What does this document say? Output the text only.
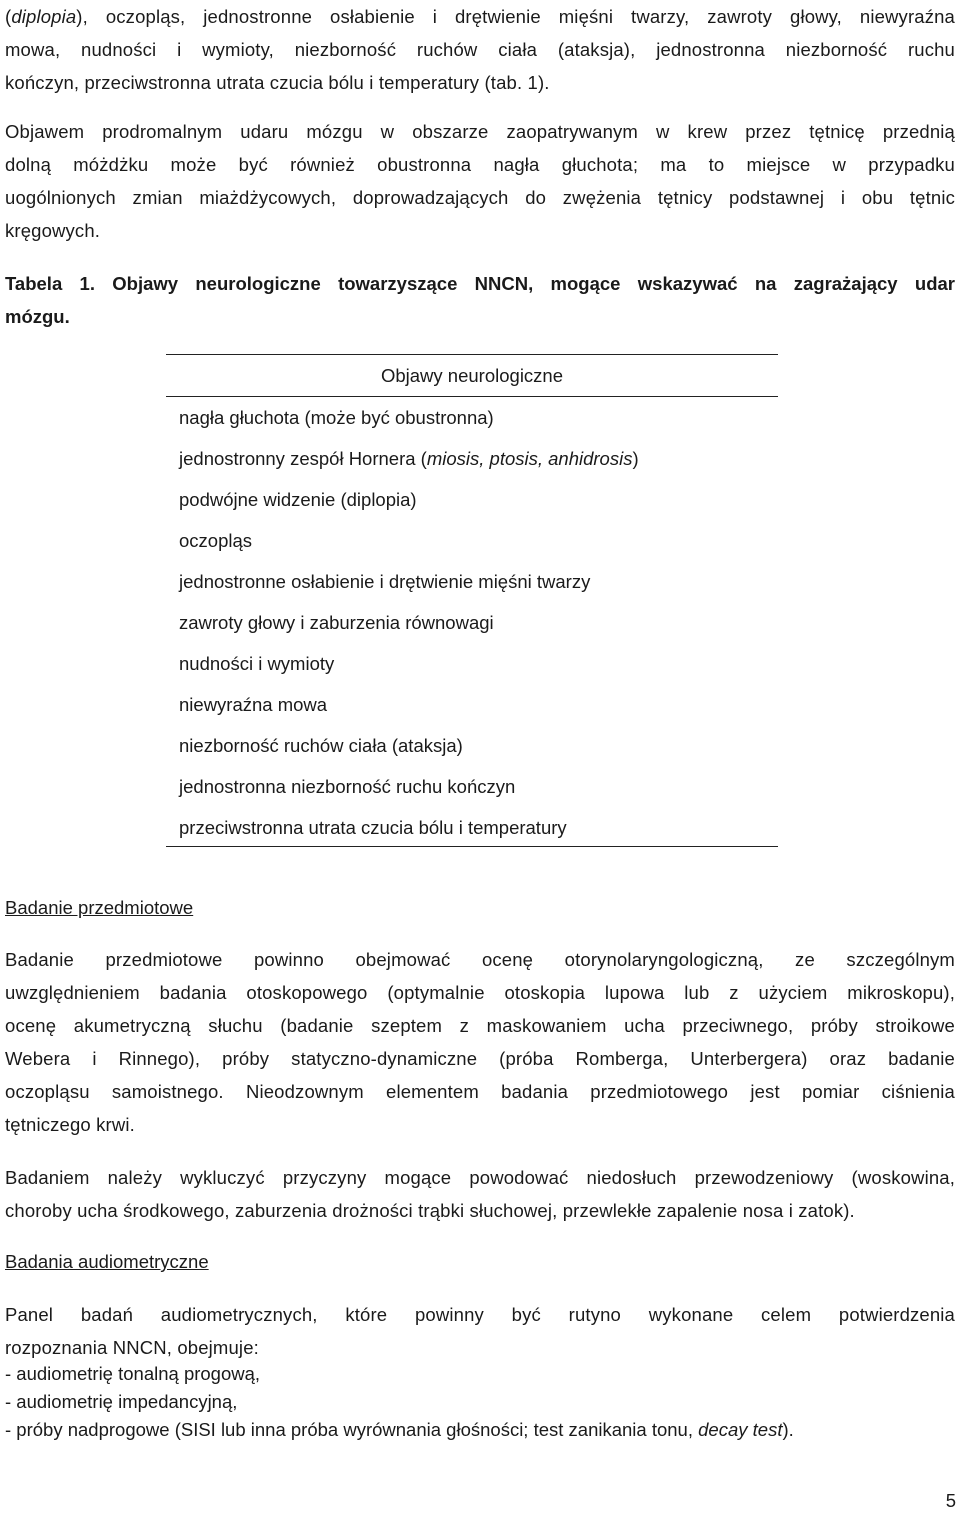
(diplopia), oczopląs, jednostronne osłabienie i drętwienie mięśni twarzy, zawroty głowy, niewyraźna
mowa, nudności i wymioty, niezborność ruchów ciała (ataksja), jednostronna niezborność ruchu
kończyn, przeciwstronna utrata czucia bólu i temperatury (tab. 1).
Objawem prodromalnym udaru mózgu w obszarze zaopatrywanym w krew przez tętnicę przednią
dolną móżdżku może być również obustronna nagła głuchota; ma to miejsce w przypadku
uogólnionych zmian miażdżycowych, doprowadzających do zwężenia tętnicy podstawnej i obu tętnic
kręgowych.
Tabela 1. Objawy neurologiczne towarzyszące NNCN, mogące wskazywać na zagrażający udar
mózgu.
Objawy neurologiczne
nagła głuchota (może być obustronna)
jednostronny zespół Hornera (miosis, ptosis, anhidrosis)
podwójne widzenie (diplopia)
oczopląs
jednostronne osłabienie i drętwienie mięśni twarzy
zawroty głowy i zaburzenia równowagi
nudności i wymioty
niewyraźna mowa
niezborność ruchów ciała (ataksja)
jednostronna niezborność ruchu kończyn
przeciwstronna utrata czucia bólu i temperatury
Badanie przedmiotowe
Badanie przedmiotowe powinno obejmować ocenę otorynolaryngologiczną, ze szczególnym
uwzględnieniem badania otoskopowego (optymalnie otoskopia lupowa lub z użyciem mikroskopu),
ocenę akumetryczną słuchu (badanie szeptem z maskowaniem ucha przeciwnego, próby stroikowe
Webera i Rinnego), próby statyczno-dynamiczne (próba Romberga, Unterbergera) oraz badanie
oczopląsu samoistnego. Nieodzownym elementem badania przedmiotowego jest pomiar ciśnienia
tętniczego krwi.
Badaniem należy wykluczyć przyczyny mogące powodować niedosłuch przewodzeniowy (woskowina,
choroby ucha środkowego, zaburzenia drożności trąbki słuchowej, przewlekłe zapalenie nosa i zatok).
Badania audiometryczne
Panel badań audiometrycznych, które powinny być rutyno wykonane celem potwierdzenia
rozpoznania NNCN, obejmuje:
- audiometrię tonalną progową,
- audiometrię impedancyjną,
- próby nadprogowe (SISI lub inna próba wyrównania głośności; test zanikania tonu, decay test).
5
